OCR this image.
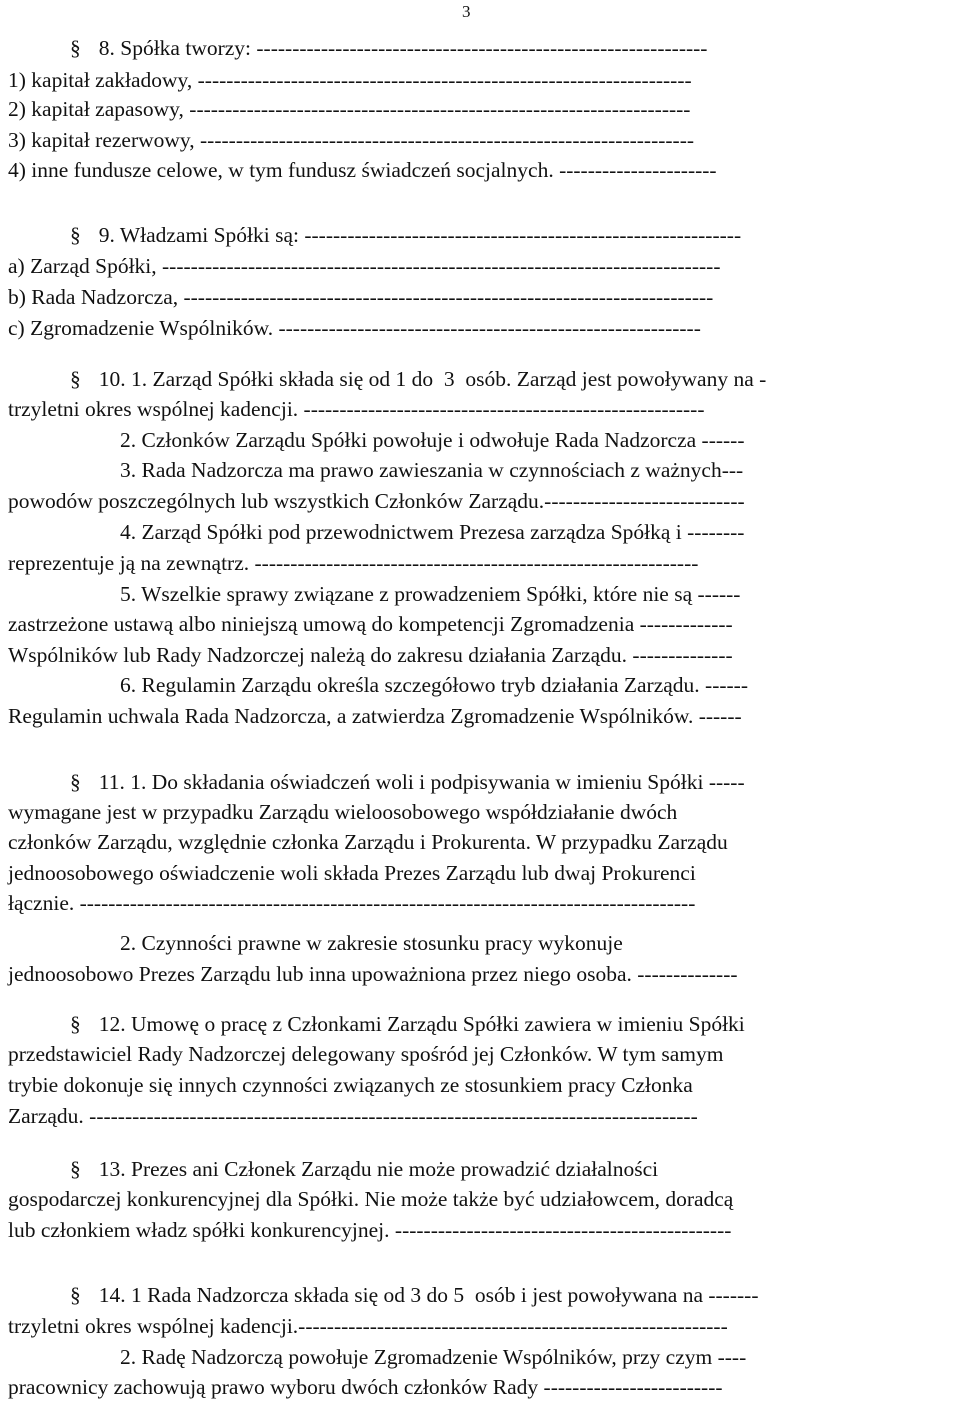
3
§ 8. Spółka tworzy: ---------------------------------------------------------------
1) kapitał zakładowy, ---------------------------------------------------------------------
2) kapitał zapasowy, ----------------------------------------------------------------------
3) kapitał rezerwowy, ---------------------------------------------------------------------
4) inne fundusze celowe, w tym fundusz świadczeń socjalnych. ----------------------
§ 9. Władzami Spółki są: -------------------------------------------------------------
a) Zarząd Spółki, ------------------------------------------------------------------------------
b) Rada Nadzorcza, --------------------------------------------------------------------------
c) Zgromadzenie Wspólników. -----------------------------------------------------------
§ 10. 1. Zarząd Spółki składa się od 1 do  3  osób. Zarząd jest powoływany na -
trzyletni okres wspólnej kadencji. --------------------------------------------------------
2. Członków Zarządu Spółki powołuje i odwołuje Rada Nadzorcza ------
3. Rada Nadzorcza ma prawo zawieszania w czynnościach z ważnych---
powodów poszczególnych lub wszystkich Członków Zarządu.----------------------------
4. Zarząd Spółki pod przewodnictwem Prezesa zarządza Spółką i --------
reprezentuje ją na zewnątrz. --------------------------------------------------------------
5. Wszelkie sprawy związane z prowadzeniem Spółki, które nie są ------
zastrzeżone ustawą albo niniejszą umową do kompetencji Zgromadzenia -------------
Wspólników lub Rady Nadzorczej należą do zakresu działania Zarządu. --------------
6. Regulamin Zarządu określa szczegółowo tryb działania Zarządu. ------
Regulamin uchwala Rada Nadzorcza, a zatwierdza Zgromadzenie Wspólników. ------
§ 11. 1. Do składania oświadczeń woli i podpisywania w imieniu Spółki -----
wymagane jest w przypadku Zarządu wieloosobowego współdziałanie dwóch
członków Zarządu, względnie członka Zarządu i Prokurenta. W przypadku Zarządu
jednoosobowego oświadczenie woli składa Prezes Zarządu lub dwaj Prokurenci
łącznie. --------------------------------------------------------------------------------------
2. Czynności prawne w zakresie stosunku pracy wykonuje
jednoosobowo Prezes Zarządu lub inna upoważniona przez niego osoba. --------------
§ 12. Umowę o pracę z Członkami Zarządu Spółki zawiera w imieniu Spółki
przedstawiciel Rady Nadzorczej delegowany spośród jej Członków. W tym samym
trybie dokonuje się innych czynności związanych ze stosunkiem pracy Członka
Zarządu. -------------------------------------------------------------------------------------
§ 13. Prezes ani Członek Zarządu nie może prowadzić działalności
gospodarczej konkurencyjnej dla Spółki. Nie może także być udziałowcem, doradcą
lub członkiem władz spółki konkurencyjnej. -----------------------------------------------
§ 14. 1 Rada Nadzorcza składa się od 3 do 5  osób i jest powoływana na -------
trzyletni okres wspólnej kadencji.------------------------------------------------------------
2. Radę Nadzorczą powołuje Zgromadzenie Wspólników, przy czym ----
pracownicy zachowują prawo wyboru dwóch członków Rady -------------------------
